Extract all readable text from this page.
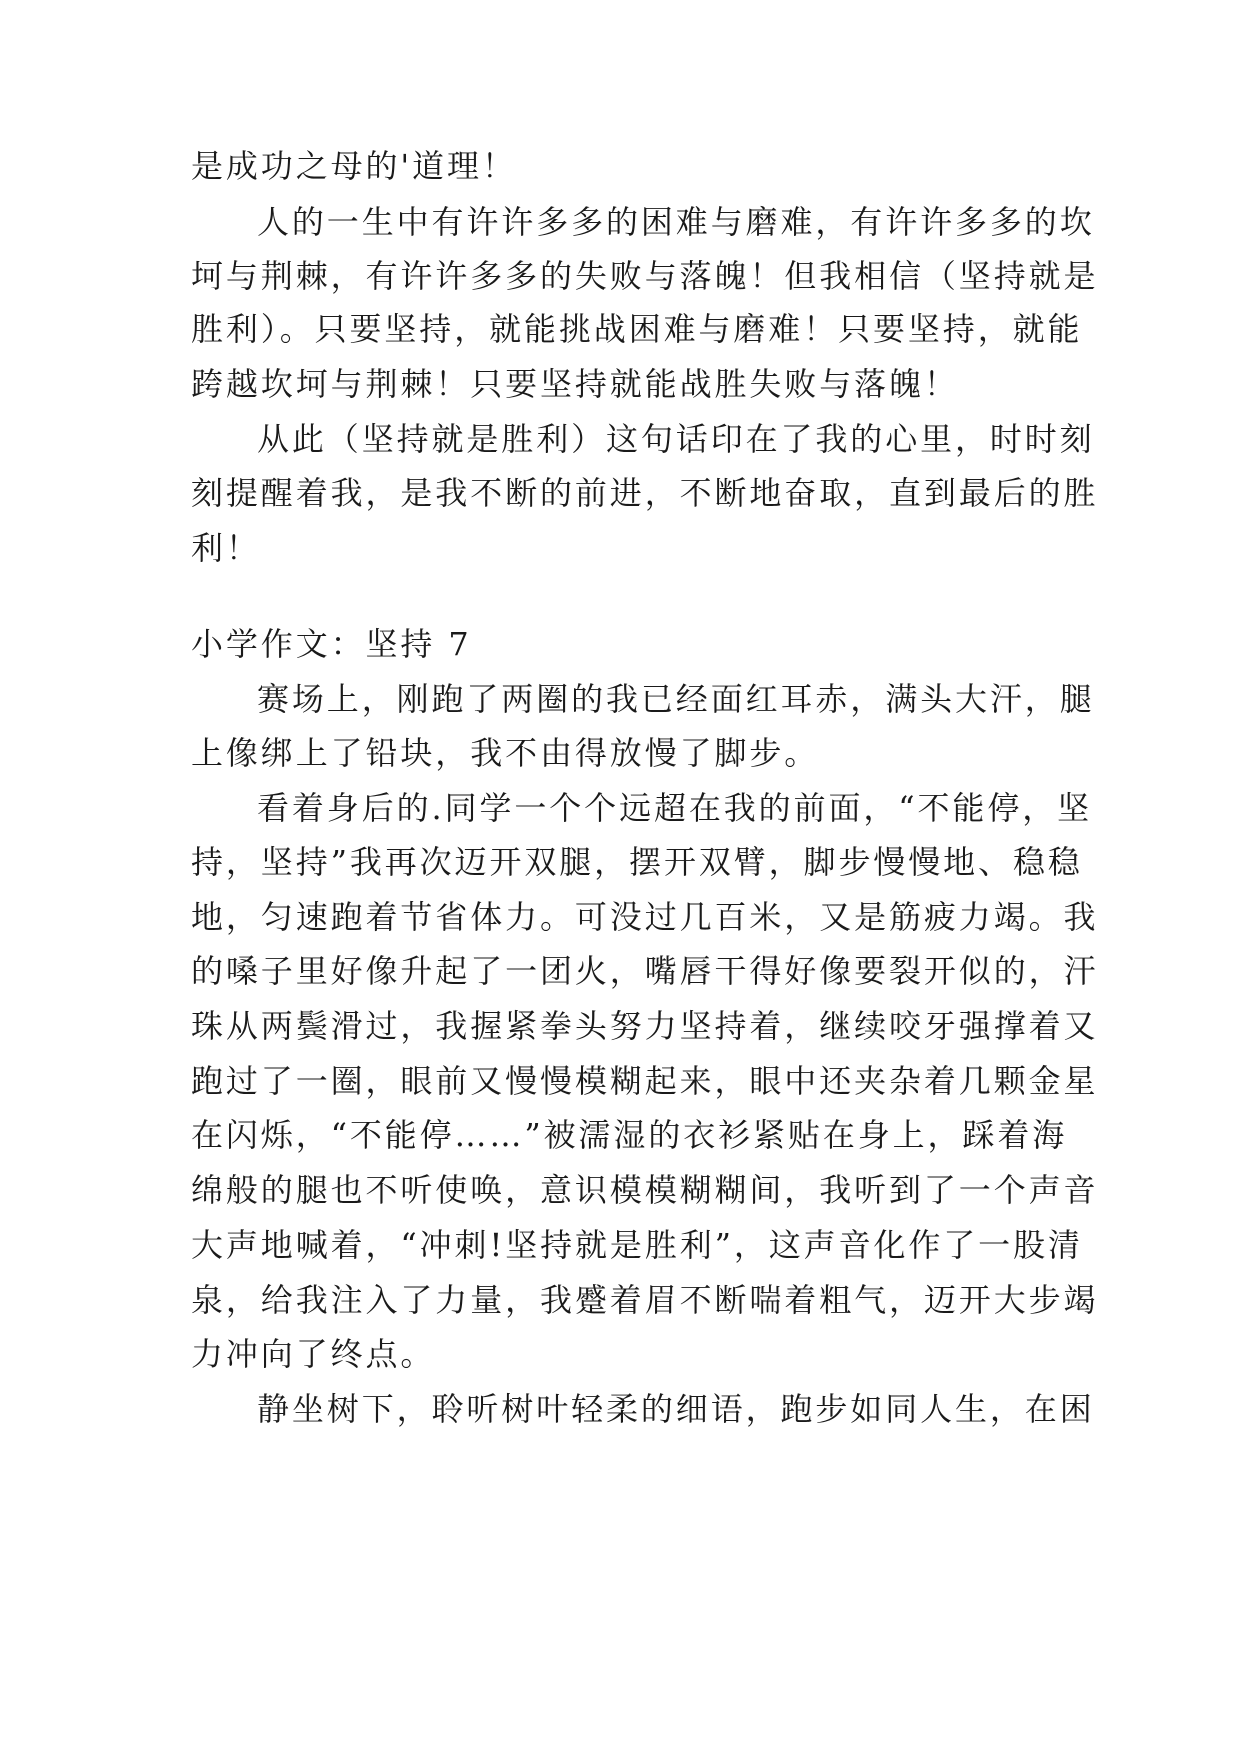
是成功之母的'道理！
人的一生中有许许多多的困难与磨难，有许许多多的坎
坷与荆棘，有许许多多的失败与落魄！但我相信（坚持就是
胜利）。只要坚持，就能挑战困难与磨难！只要坚持，就能
跨越坎坷与荆棘！只要坚持就能战胜失败与落魄！
从此（坚持就是胜利）这句话印在了我的心里，时时刻
刻提醒着我，是我不断的前进，不断地奋取，直到最后的胜
利！
小学作文：坚持 7
赛场上，刚跑了两圈的我已经面红耳赤，满头大汗，腿
上像绑上了铅块，我不由得放慢了脚步。
看着身后的.同学一个个远超在我的前面，“不能停，坚
持，坚持”我再次迈开双腿，摆开双臂，脚步慢慢地、稳稳
地，匀速跑着节省体力。可没过几百米，又是筋疲力竭。我
的嗓子里好像升起了一团火，嘴唇干得好像要裂开似的，汗
珠从两鬓滑过，我握紧拳头努力坚持着，继续咬牙强撑着又
跑过了一圈，眼前又慢慢模糊起来，眼中还夹杂着几颗金星
在闪烁，“不能停……”被濡湿的衣衫紧贴在身上，踩着海
绵般的腿也不听使唤，意识模模糊糊间，我听到了一个声音
大声地喊着，“冲刺!坚持就是胜利”，这声音化作了一股清
泉，给我注入了力量，我蹙着眉不断喘着粗气，迈开大步竭
力冲向了终点。
静坐树下，聆听树叶轻柔的细语，跑步如同人生，在困
